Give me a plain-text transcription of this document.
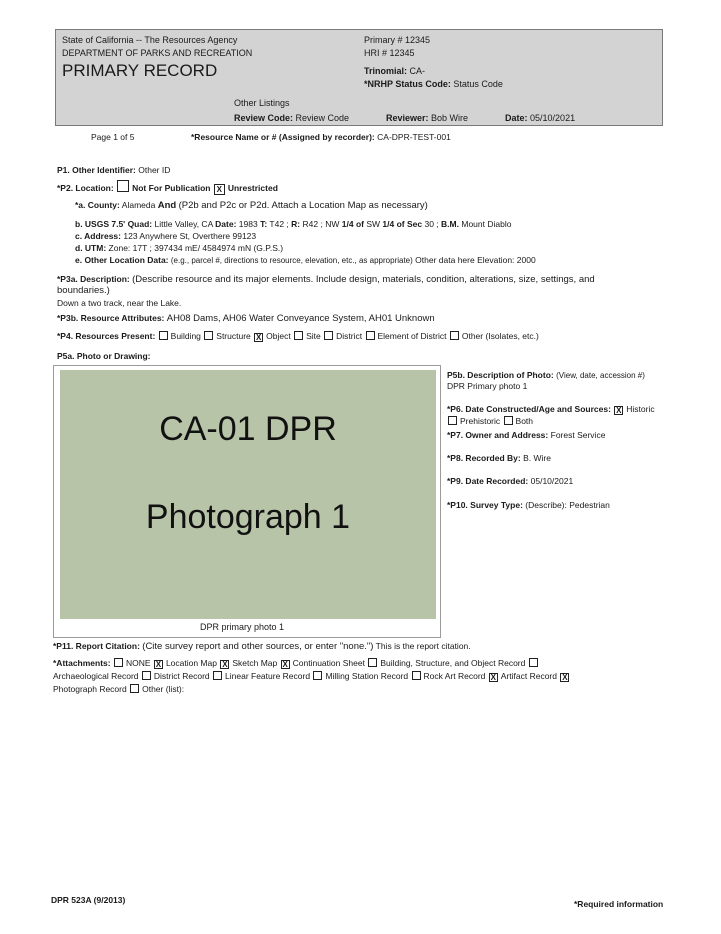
State of California -- The Resources Agency
DEPARTMENT OF PARKS AND RECREATION
PRIMARY RECORD
Primary # 12345
HRI # 12345
Trinomial: CA-
*NRHP Status Code: Status Code
Other Listings
Review Code: Review Code	Reviewer: Bob Wire	Date: 05/10/2021
Page 1 of 5	*Resource Name or # (Assigned by recorder): CA-DPR-TEST-001
P1. Other Identifier: Other ID
*P2. Location: Not For Publication X Unrestricted
*a. County: Alameda And (P2b and P2c or P2d. Attach a Location Map as necessary)
b. USGS 7.5' Quad: Little Valley, CA Date: 1983 T: T42 ; R: R42 ; NW 1/4 of SW 1/4 of Sec 30 ; B.M. Mount Diablo
c. Address: 123 Anywhere St, Overthere 99123
d. UTM: Zone: 17T ; 397434 mE/ 4584974 mN (G.P.S.)
e. Other Location Data: (e.g., parcel #, directions to resource, elevation, etc., as appropriate) Other data here Elevation: 2000
*P3a. Description: (Describe resource and its major elements. Include design, materials, condition, alterations, size, settings, and
boundaries.)
Down a two track, near the Lake.
*P3b. Resource Attributes: AH08 Dams, AH06 Water Conveyance System, AH01 Unknown
*P4. Resources Present: Building Structure X Object Site District Element of District Other (Isolates, etc.)
P5a. Photo or Drawing:
CA-01 DPR
Photograph 1
DPR primary photo 1
P5b. Description of Photo: (View, date, accession #)
DPR Primary photo 1
*P6. Date Constructed/Age and Sources: X Historic
Prehistoric Both
*P7. Owner and Address: Forest Service
*P8. Recorded By: B. Wire
*P9. Date Recorded: 05/10/2021
*P10. Survey Type: (Describe): Pedestrian
*P11. Report Citation: (Cite survey report and other sources, or enter "none.") This is the report citation.
*Attachments: NONE X Location Map X Sketch Map X Continuation Sheet Building, Structure, and Object Record
Archaeological Record District Record Linear Feature Record Milling Station Record Rock Art Record X Artifact Record X
Photograph Record Other (list):
DPR 523A (9/2013)	*Required information
